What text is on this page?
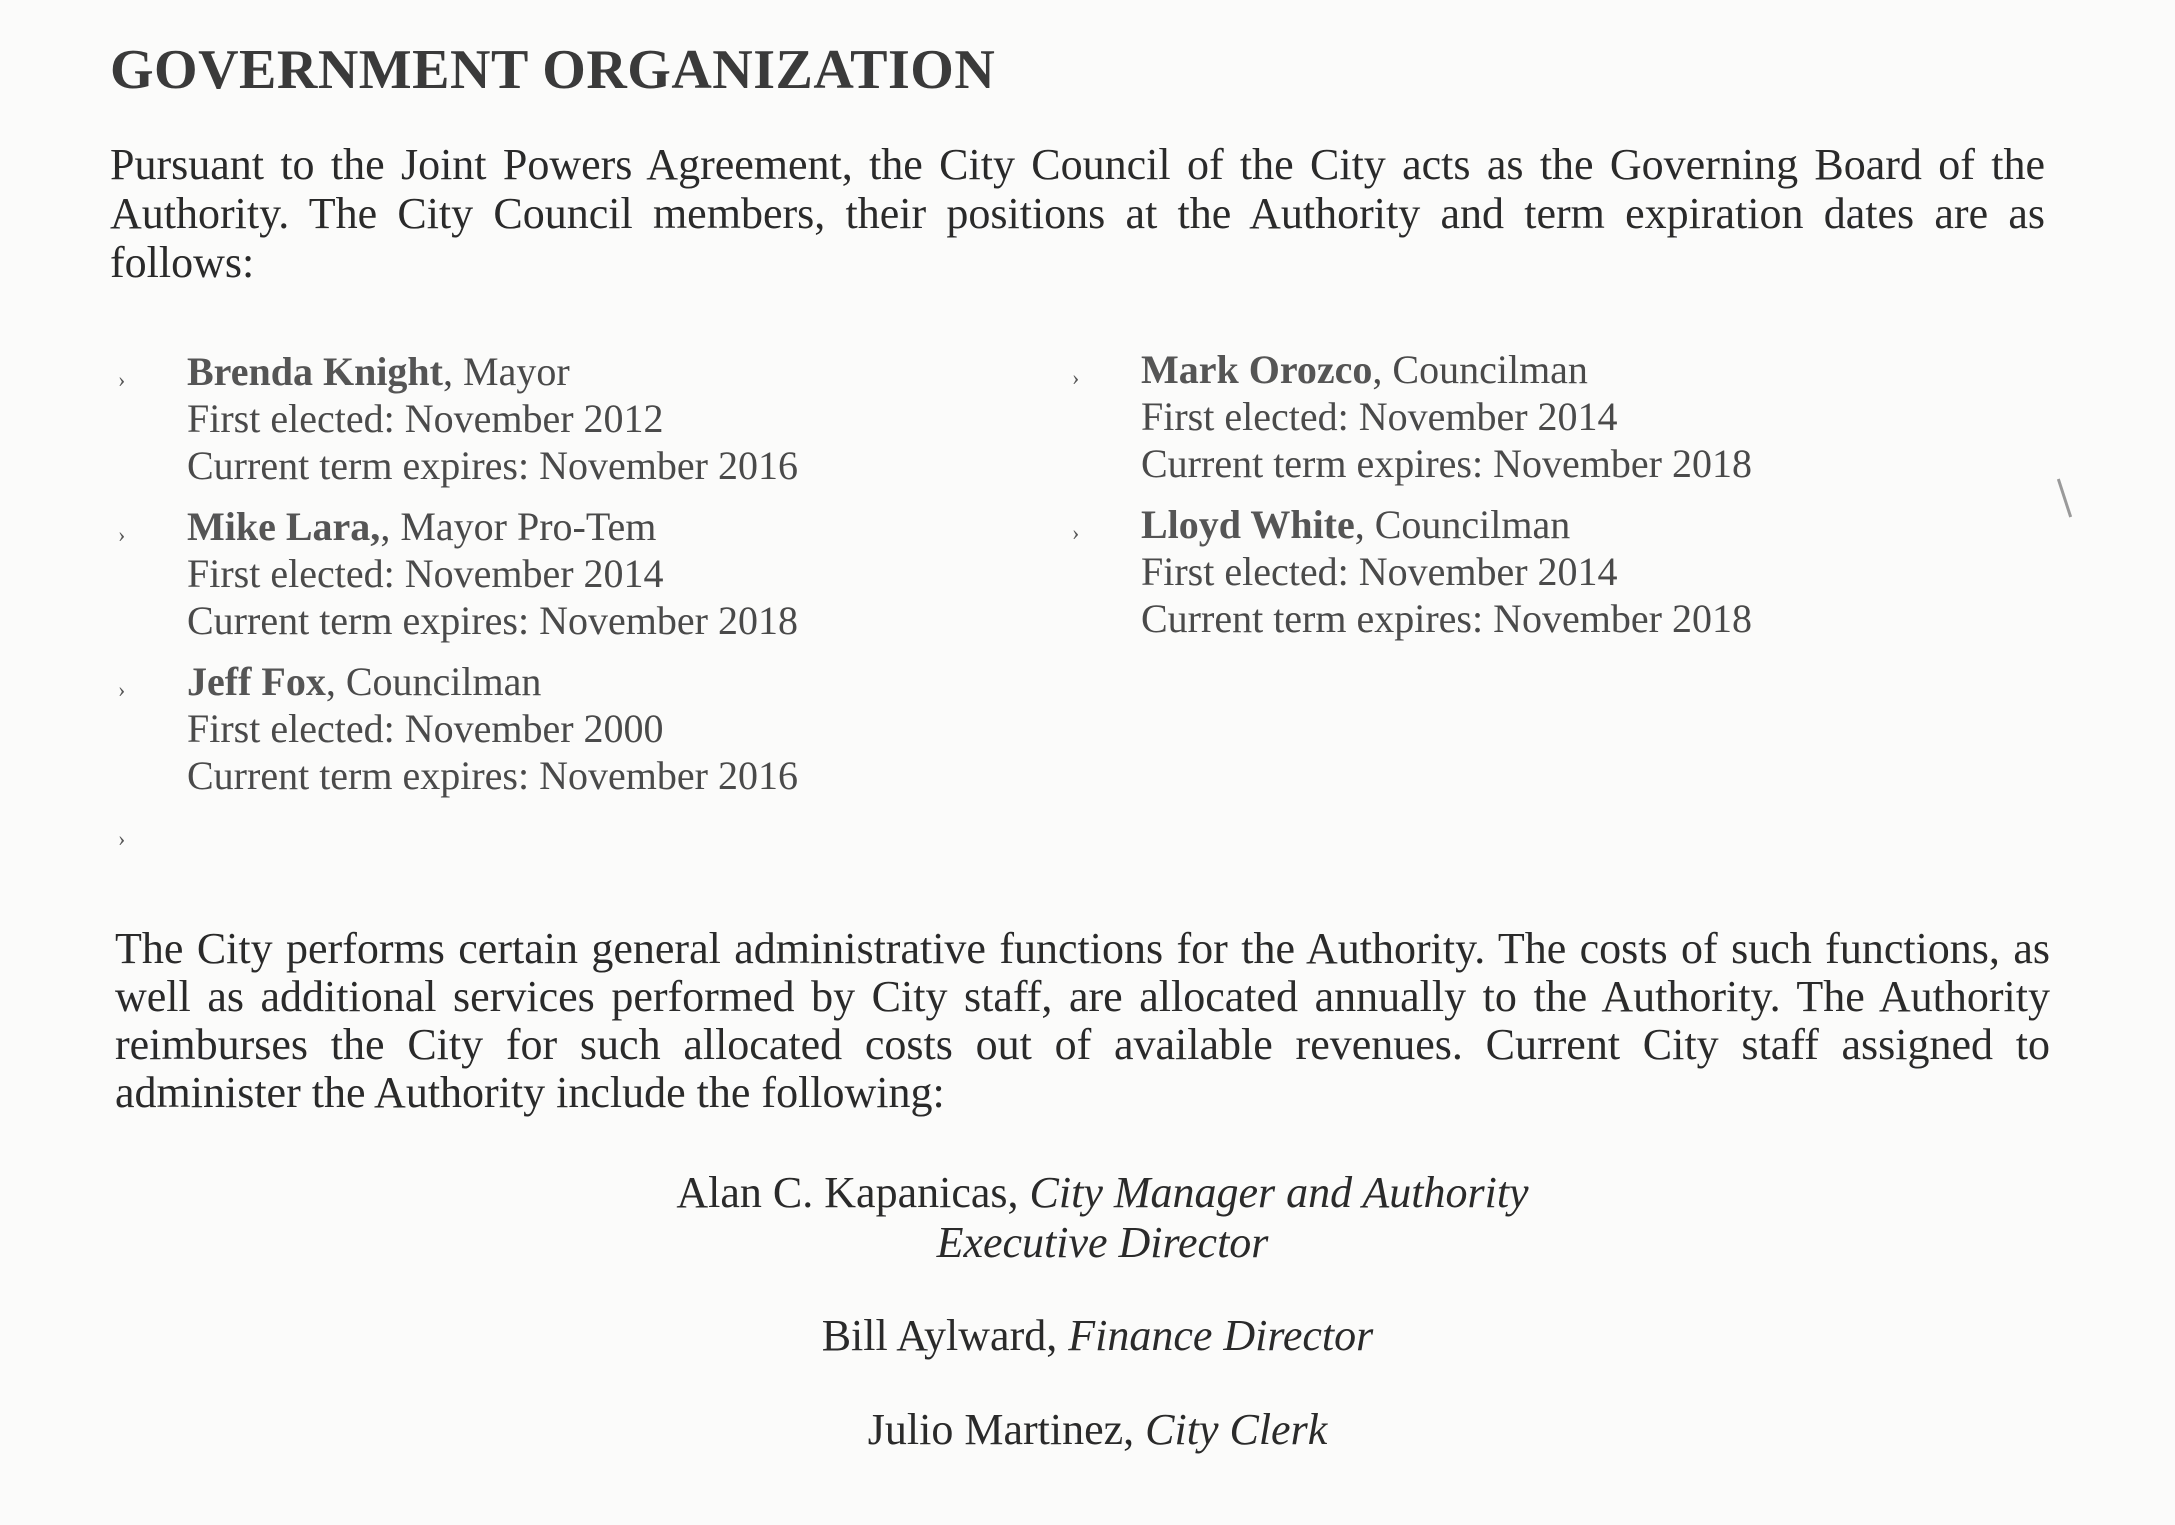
GOVERNMENT ORGANIZATION
Pursuant to the Joint Powers Agreement, the City Council of the City acts as the Governing Board of the Authority. The City Council members, their positions at the Authority and term expiration dates are as follows:
› Brenda Knight, Mayor
First elected: November 2012
Current term expires: November 2016
› Mike Lara,, Mayor Pro-Tem
First elected: November 2014
Current term expires: November 2018
› Jeff Fox, Councilman
First elected: November 2000
Current term expires: November 2016
›
› Mark Orozco, Councilman
First elected: November 2014
Current term expires: November 2018
› Lloyd White, Councilman
First elected: November 2014
Current term expires: November 2018
The City performs certain general administrative functions for the Authority. The costs of such functions, as well as additional services performed by City staff, are allocated annually to the Authority. The Authority reimburses the City for such allocated costs out of available revenues. Current City staff assigned to administer the Authority include the following:
Alan C. Kapanicas, City Manager and Authority
Executive Director
Bill Aylward, Finance Director
Julio Martinez, City Clerk
